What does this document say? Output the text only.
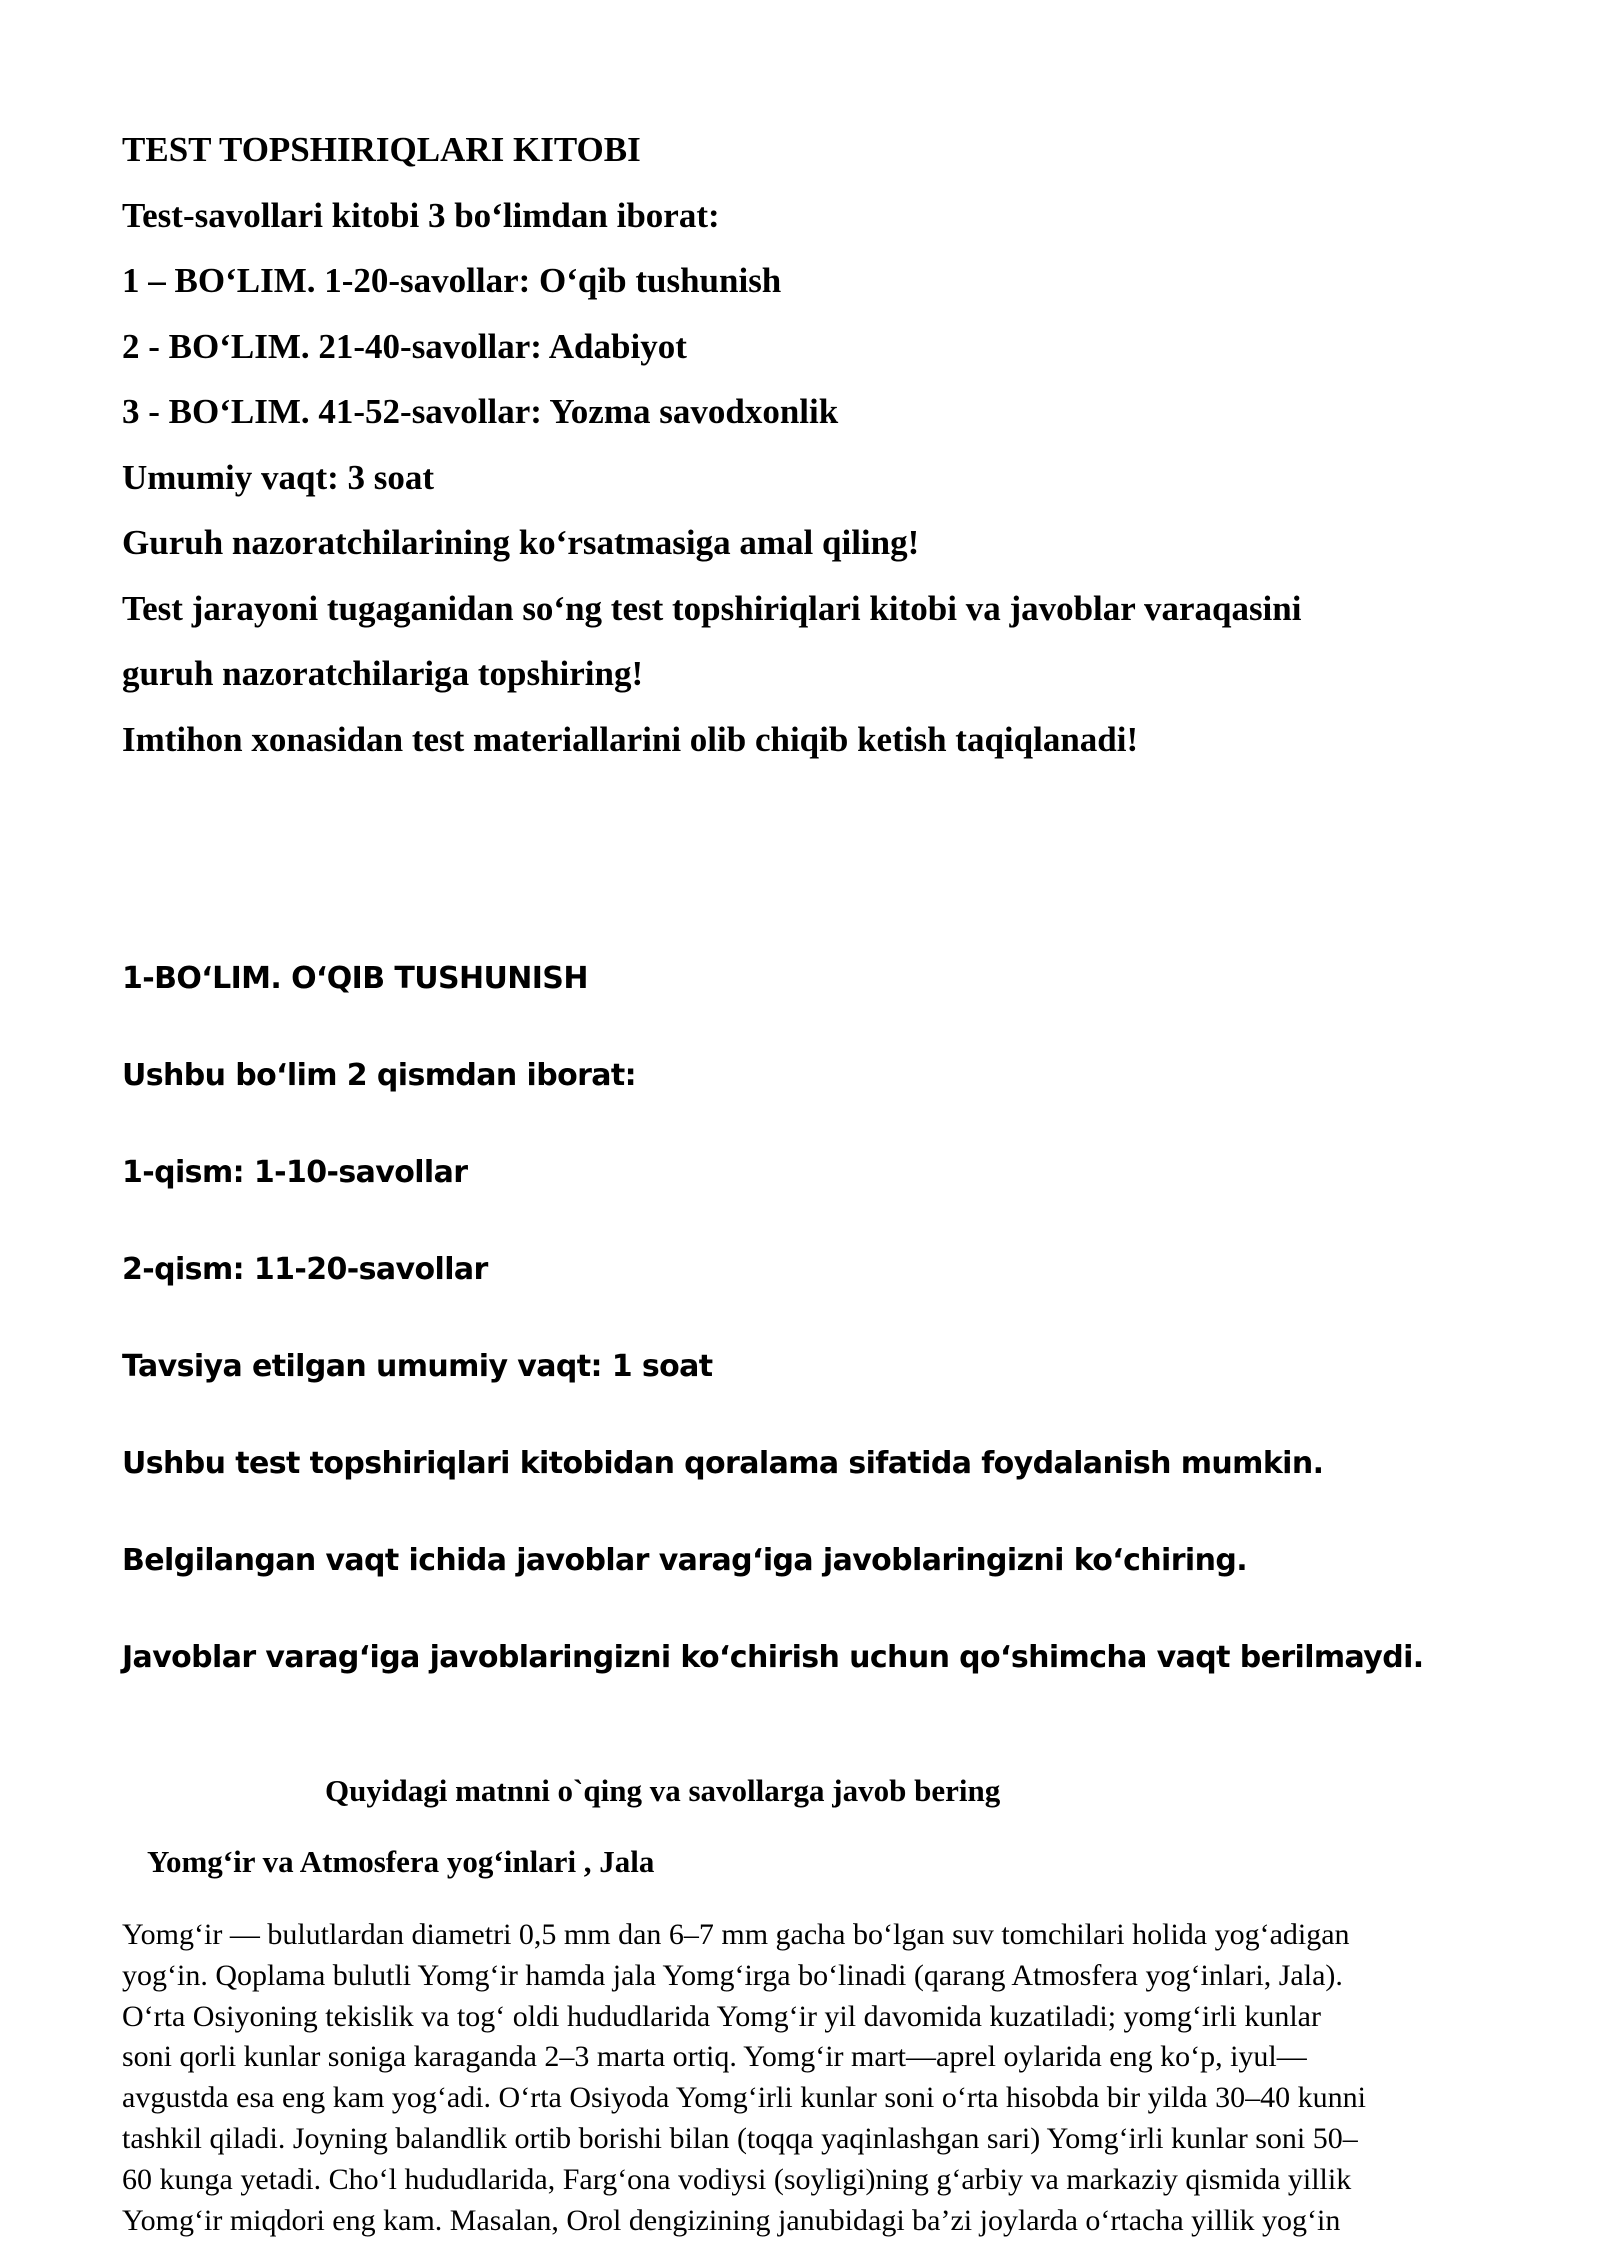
TEST TOPSHIRIQLARI KITOBI
Test-savollari kitobi 3 bo‘limdan iborat:
1 – BO‘LIM. 1-20-savollar: O‘qib tushunish
2 - BO‘LIM. 21-40-savollar: Adabiyot
3 - BO‘LIM. 41-52-savollar: Yozma savodxonlik
Umumiy vaqt: 3 soat
Guruh nazoratchilarining ko‘rsatmasiga amal qiling!
Test jarayoni tugaganidan so‘ng test topshiriqlari kitobi va javoblar varaqasini
guruh nazoratchilariga topshiring!
Imtihon xonasidan test materiallarini olib chiqib ketish taqiqlanadi!
1-BO‘LIM. O‘QIB TUSHUNISH
Ushbu bo‘lim 2 qismdan iborat:
1-qism: 1-10-savollar
2-qism: 11-20-savollar
Tavsiya etilgan umumiy vaqt: 1 soat
Ushbu test topshiriqlari kitobidan qoralama sifatida foydalanish mumkin.
Belgilangan vaqt ichida javoblar varag‘iga javoblaringizni ko‘chiring.
Javoblar varag‘iga javoblaringizni ko‘chirish uchun qo‘shimcha vaqt berilmaydi.
Quyidagi matnni o`qing va savollarga javob bering
Yomg‘ir va Atmosfera yog‘inlari , Jala
Yomg‘ir — bulutlardan diametri 0,5 mm dan 6–7 mm gacha bo‘lgan suv tomchilari holida yog‘adigan
yog‘in. Qoplama bulutli Yomg‘ir hamda jala Yomg‘irga bo‘linadi (qarang Atmosfera yog‘inlari, Jala).
O‘rta Osiyoning tekislik va tog‘ oldi hududlarida Yomg‘ir yil davomida kuzatiladi; yomg‘irli kunlar
soni qorli kunlar soniga karaganda 2–3 marta ortiq. Yomg‘ir mart—aprel oylarida eng ko‘p, iyul—
avgustda esa eng kam yog‘adi. O‘rta Osiyoda Yomg‘irli kunlar soni o‘rta hisobda bir yilda 30–40 kunni
tashkil qiladi. Joyning balandlik ortib borishi bilan (toqqa yaqinlashgan sari) Yomg‘irli kunlar soni 50–
60 kunga yetadi. Cho‘l hududlarida, Farg‘ona vodiysi (soyligi)ning g‘arbiy va markaziy qismida yillik
Yomg‘ir miqdori eng kam. Masalan, Orol dengizining janubidagi ba’zi joylarda o‘rtacha yillik yog‘in
